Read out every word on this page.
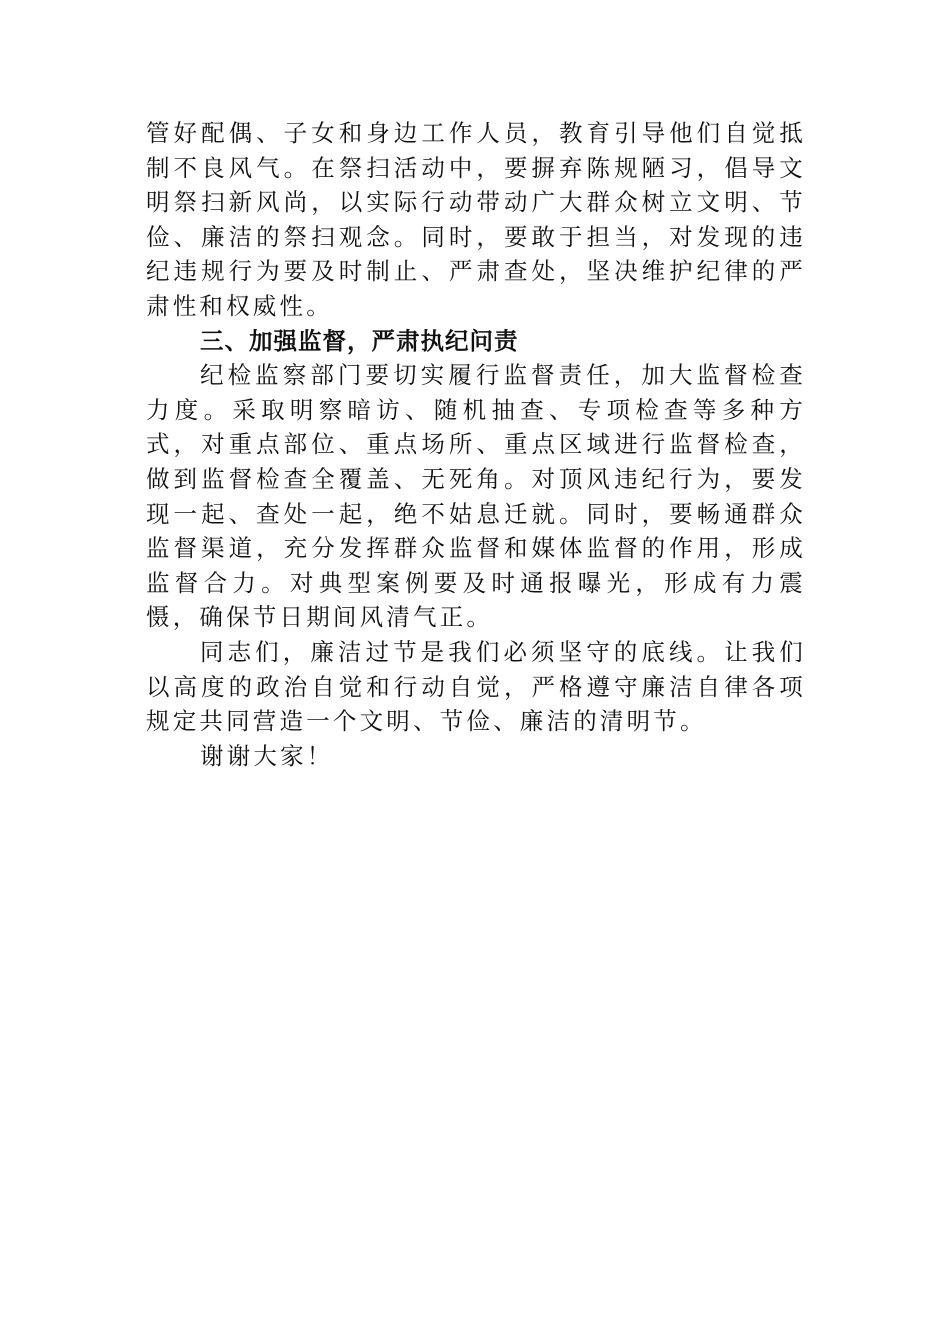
管好配偶、子女和身边工作人员，教育引导他们自觉抵制不良风气。在祭扫活动中，要摒弃陈规陋习，倡导文明祭扫新风尚，以实际行动带动广大群众树立文明、节俭、廉洁的祭扫观念。同时，要敢于担当，对发现的违纪违规行为要及时制止、严肃查处，坚决维护纪律的严肃性和权威性。

三、加强监督，严肃执纪问责

纪检监察部门要切实履行监督责任，加大监督检查力度。采取明察暗访、随机抽查、专项检查等多种方式，对重点部位、重点场所、重点区域进行监督检查，做到监督检查全覆盖、无死角。对顶风违纪行为，要发现一起、查处一起，绝不姑息迁就。同时，要畅通群众监督渠道，充分发挥群众监督和媒体监督的作用，形成监督合力。对典型案例要及时通报曝光，形成有力震慑，确保节日期间风清气正。

同志们，廉洁过节是我们必须坚守的底线。让我们以高度的政治自觉和行动自觉，严格遵守廉洁自律各项规定共同营造一个文明、节俭、廉洁的清明节。

谢谢大家！
